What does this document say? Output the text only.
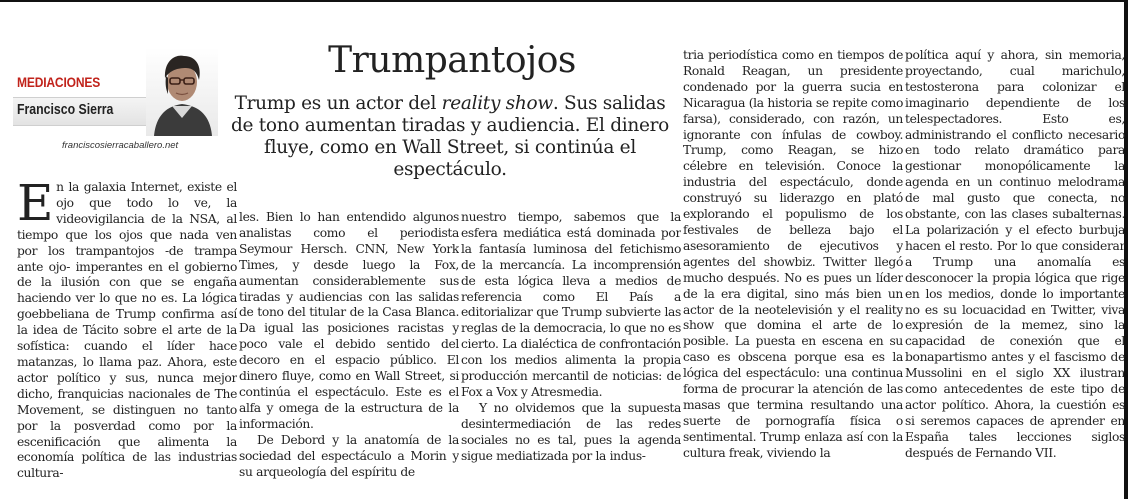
MEDIACIONES
Francisco Sierra
franciscosierracaballero.net
Trumpantojos
Trump es un actor del reality show. Sus salidas de tono aumentan tiradas y audiencia. El dinero fluye, como en Wall Street, si continúa el espectáculo.

En la galaxia Internet, existe el ojo que todo lo ve, la videovigilancia de la NSA, al tiempo que los ojos que nada ven por los trampantojos -de trampa ante ojo- imperantes en el gobierno de la ilusión con que se engaña haciendo ver lo que no es. La lógica goebbeliana de Trump confirma así la idea de Tácito sobre el arte de la sofística: cuando el líder hace matanzas, lo llama paz. Ahora, este actor político y sus, nunca mejor dicho, franquicias nacionales de The Movement, se distinguen no tanto por la posverdad como por la escenificación que alimenta la economía política de las industrias cultura-

les. Bien lo han entendido algunos analistas como el periodista Seymour Hersch. CNN, New York Times, y desde luego la Fox, aumentan considerablemente sus tiradas y audiencias con las salidas de tono del titular de la Casa Blanca. Da igual las posiciones racistas y poco vale el debido sentido del decoro en el espacio público. El dinero fluye, como en Wall Street, si continúa el espectáculo. Este es el alfa y omega de la estructura de la información.

De Debord y la anatomía de la sociedad del espectáculo a Morin y su arqueología del espíritu de

nuestro tiempo, sabemos que la esfera mediática está dominada por la fantasía luminosa del fetichismo de la mercancía. La incomprensión de esta lógica lleva a medios de referencia como El País a editorializar que Trump subvierte las reglas de la democracia, lo que no es cierto. La dialéctica de confrontación con los medios alimenta la propia producción mercantil de noticias: de Fox a Vox y Atresmedia.

Y no olvidemos que la supuesta desintermediación de las redes sociales no es tal, pues la agenda sigue mediatizada por la indus-

tria periodística como en tiempos de Ronald Reagan, un presidente condenado por la guerra sucia en Nicaragua (la historia se repite como farsa), considerado, con razón, un ignorante con ínfulas de cowboy. Trump, como Reagan, se hizo célebre en televisión. Conoce la industria del espectáculo, donde construyó su liderazgo en plató explorando el populismo de los festivales de belleza bajo el asesoramiento de ejecutivos y agentes del showbiz. Twitter llegó mucho después. No es pues un líder de la era digital, sino más bien un actor de la neotelevisión y el reality show que domina el arte de lo posible. La puesta en escena en su caso es obscena porque esa es la lógica del espectáculo: una continua forma de procurar la atención de las masas que termina resultando una suerte de pornografía física o sentimental. Trump enlaza así con la cultura freak, viviendo la

política aquí y ahora, sin memoria, proyectando, cual marichulo, testosterona para colonizar el imaginario dependiente de los telespectadores. Esto es, administrando el conflicto necesario en todo relato dramático para gestionar monopólicamente la agenda en un continuo melodrama de mal gusto que conecta, no obstante, con las clases subalternas. La polarización y el efecto burbuja hacen el resto. Por lo que considerar a Trump una anomalía es desconocer la propia lógica que rige en los medios, donde lo importante no es su locuacidad en Twitter, viva expresión de la memez, sino la capacidad de conexión que el bonapartismo antes y el fascismo de Mussolini en el siglo XX ilustran como antecedentes de este tipo de actor político. Ahora, la cuestión es si seremos capaces de aprender en España tales lecciones siglos después de Fernando VII.
